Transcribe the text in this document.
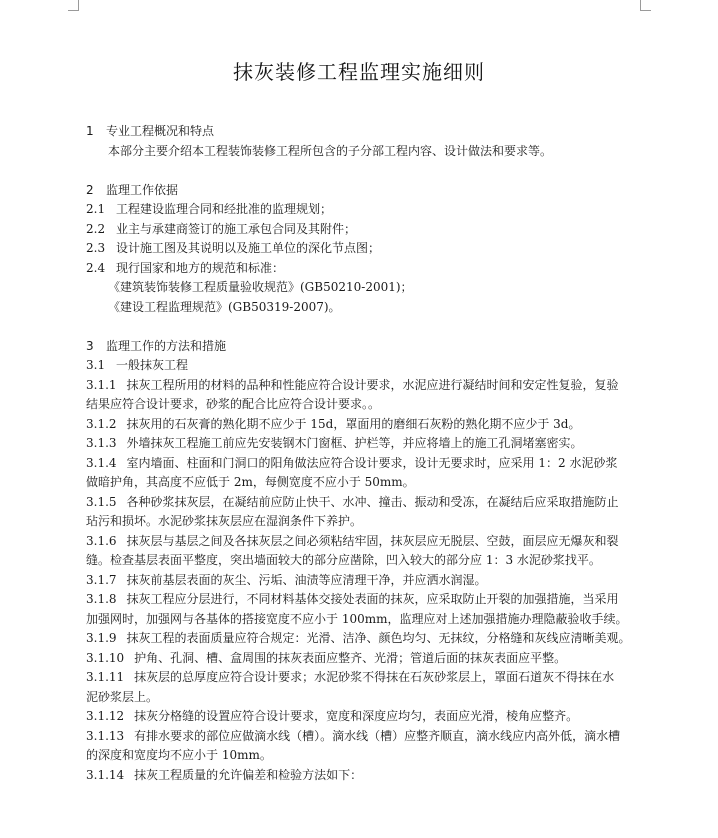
抹灰装修工程监理实施细则

1 专业工程概况和特点

本部分主要介绍本工程装饰装修工程所包含的子分部工程内容、设计做法和要求等。

2 监理工作依据

2.1 工程建设监理合同和经批准的监理规划；

2.2 业主与承建商签订的施工承包合同及其附件；

2.3 设计施工图及其说明以及施工单位的深化节点图；

2.4 现行国家和地方的规范和标准：

《建筑装饰装修工程质量验收规范》(GB50210-2001)；

《建设工程监理规范》(GB50319-2007)。

3 监理工作的方法和措施

3.1 一般抹灰工程

3.1.1 抹灰工程所用的材料的品种和性能应符合设计要求，水泥应进行凝结时间和安定性复验，复验

结果应符合设计要求，砂浆的配合比应符合设计要求。。

3.1.2 抹灰用的石灰膏的熟化期不应少于 15d，罩面用的磨细石灰粉的熟化期不应少于 3d。

3.1.3 外墙抹灰工程施工前应先安装钢木门窗框、护栏等，并应将墙上的施工孔洞堵塞密实。

3.1.4 室内墙面、柱面和门洞口的阳角做法应符合设计要求，设计无要求时，应采用 1：2 水泥砂浆

做暗护角，其高度不应低于 2m，每侧宽度不应小于 50mm。

3.1.5 各种砂浆抹灰层，在凝结前应防止快干、水冲、撞击、振动和受冻，在凝结后应采取措施防止

玷污和损坏。水泥砂浆抹灰层应在湿润条件下养护。

3.1.6 抹灰层与基层之间及各抹灰层之间必须粘结牢固，抹灰层应无脱层、空鼓，面层应无爆灰和裂

缝。检查基层表面平整度，突出墙面较大的部分应凿除，凹入较大的部分应 1：3 水泥砂浆找平。

3.1.7 抹灰前基层表面的灰尘、污垢、油渍等应清理干净，并应洒水润湿。

3.1.8 抹灰工程应分层进行，不同材料基体交接处表面的抹灰，应采取防止开裂的加强措施，当采用

加强网时，加强网与各基体的搭接宽度不应小于 100mm，监理应对上述加强措施办理隐蔽验收手续。

3.1.9 抹灰工程的表面质量应符合规定：光滑、洁净、颜色均匀、无抹纹，分格缝和灰线应清晰美观。

3.1.10 护角、孔洞、槽、盒周围的抹灰表面应整齐、光滑；管道后面的抹灰表面应平整。

3.1.11 抹灰层的总厚度应符合设计要求；水泥砂浆不得抹在石灰砂浆层上，罩面石道灰不得抹在水

泥砂浆层上。

3.1.12 抹灰分格缝的设置应符合设计要求，宽度和深度应均匀，表面应光滑，棱角应整齐。

3.1.13 有排水要求的部位应做滴水线（槽）。滴水线（槽）应整齐顺直，滴水线应内高外低，滴水槽

的深度和宽度均不应小于 10mm。

3.1.14 抹灰工程质量的允许偏差和检验方法如下：
